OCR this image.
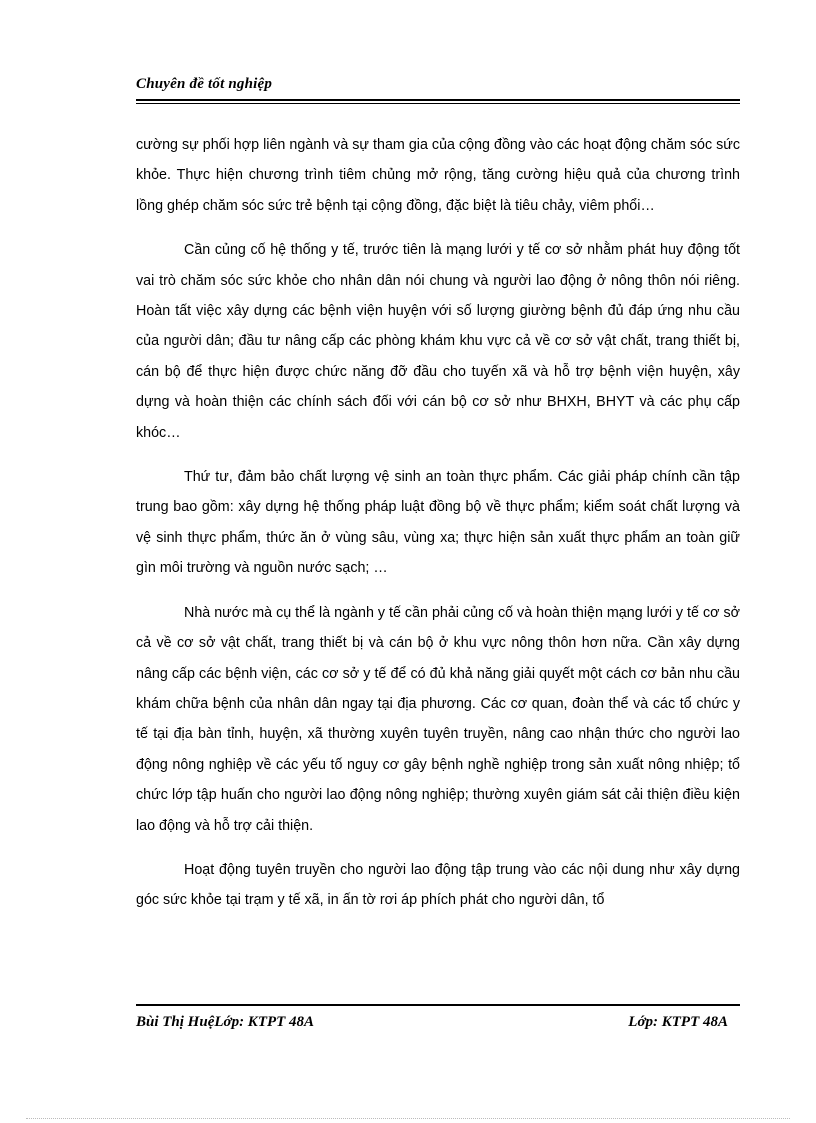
Chuyên đề tốt nghiệp

cường sự phối hợp liên ngành và sự tham gia của cộng đồng vào các hoạt động chăm sóc sức khỏe. Thực hiện chương trình tiêm chủng mở rộng, tăng cường hiệu quả của chương trình lồng ghép chăm sóc sức trẻ bệnh tại cộng đồng, đặc biệt là tiêu chảy, viêm phổi…

Cần củng cố hệ thống y tế, trước tiên là mạng lưới y tế cơ sở nhằm phát huy động tốt vai trò chăm sóc sức khỏe cho nhân dân nói chung và người lao động ở nông thôn nói riêng. Hoàn tất việc xây dựng các bệnh viện huyện với số lượng giường bệnh đủ đáp ứng nhu cầu của người dân; đầu tư nâng cấp các phòng khám khu vực cả về cơ sở vật chất, trang thiết bị, cán bộ để thực hiện được chức năng đỡ đầu cho tuyến xã và hỗ trợ bệnh viện huyện, xây dựng và hoàn thiện các chính sách đối với cán bộ cơ sở như BHXH, BHYT và các phụ cấp khóc…

Thứ tư, đảm bảo chất lượng vệ sinh an toàn thực phẩm. Các giải pháp chính cần tập trung bao gồm: xây dựng hệ thống pháp luật đồng bộ về thực phẩm; kiểm soát chất lượng và vệ sinh thực phẩm, thức ăn ở vùng sâu, vùng xa; thực hiện sản xuất thực phẩm an toàn giữ gìn môi trường và nguồn nước sạch; …

Nhà nước mà cụ thể là ngành y tế cần phải củng cố và hoàn thiện mạng lưới y tế cơ sở cả về cơ sở vật chất, trang thiết bị và cán bộ ở khu vực nông thôn hơn nữa. Cần xây dựng nâng cấp các bệnh viện, các cơ sở y tế để có đủ khả năng giải quyết một cách cơ bản nhu cầu khám chữa bệnh của nhân dân ngay tại địa phương. Các cơ quan, đoàn thể và các tổ chức y tế tại địa bàn tỉnh, huyện, xã thường xuyên tuyên truyền, nâng cao nhận thức cho người lao động nông nghiệp về các yếu tố nguy cơ gây bệnh nghề nghiệp trong sản xuất nông nhiệp; tổ chức lớp tập huấn cho người lao động nông nghiệp; thường xuyên giám sát cải thiện điều kiện lao động và hỗ trợ cải thiện.

Hoạt động tuyên truyền cho người lao động tập trung vào các nội dung như xây dựng góc sức khỏe tại trạm y tế xã, in ấn tờ rơi áp phích phát cho người dân, tổ

Bùi Thị HuệLớp: KTPT 48A	Lớp: KTPT 48A
